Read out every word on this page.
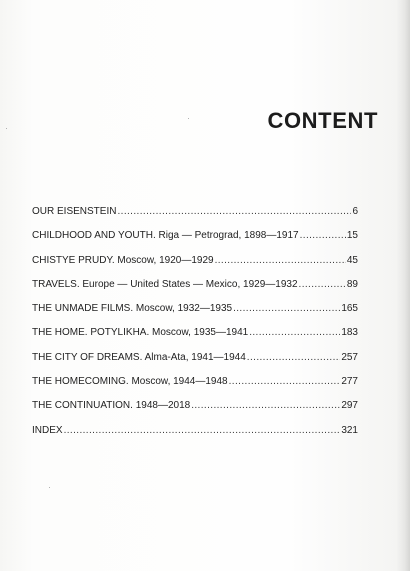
CONTENT
OUR EISENSTEIN .....	6
CHILDHOOD AND YOUTH. Riga — Petrograd, 1898—1917 .....	15
CHISTYE PRUDY. Moscow, 1920—1929 .....	45
TRAVELS. Europe — United States — Mexico, 1929—1932 .....	89
THE UNMADE FILMS. Moscow, 1932—1935 .....	165
THE HOME. POTYLIKHA. Moscow, 1935—1941 .....	183
THE CITY OF DREAMS. Alma-Ata, 1941—1944 .....	257
THE HOMECOMING. Moscow, 1944—1948 .....	277
THE CONTINUATION. 1948—2018 .....	297
INDEX .....	321
